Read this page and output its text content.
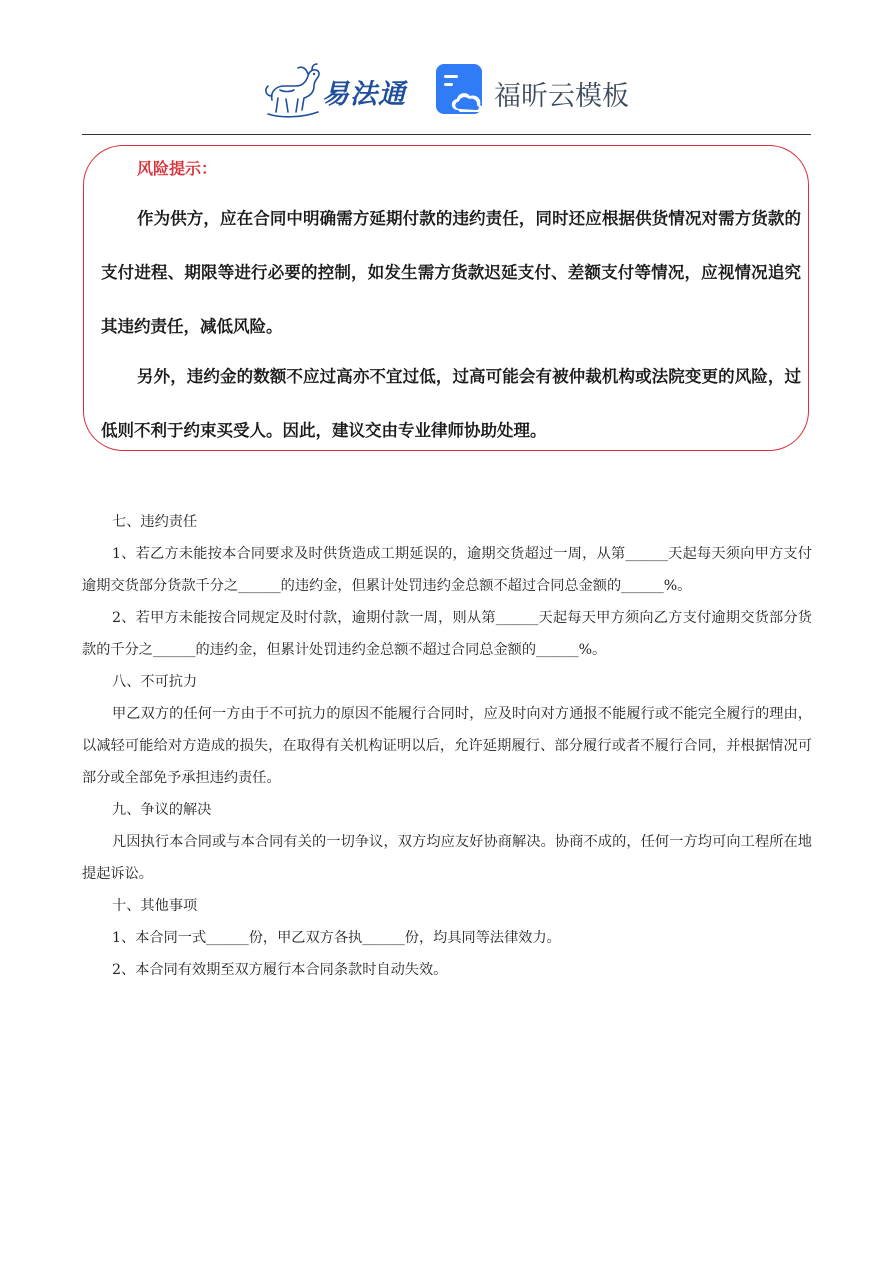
易法通	福昕云模板
风险提示：
作为供方，应在合同中明确需方延期付款的违约责任，同时还应根据供货情况对需方货款的支付进程、期限等进行必要的控制，如发生需方货款迟延支付、差额支付等情况，应视情况追究其违约责任，减低风险。
另外，违约金的数额不应过高亦不宜过低，过高可能会有被仲裁机构或法院变更的风险，过低则不利于约束买受人。因此，建议交由专业律师协助处理。

七、违约责任

1、若乙方未能按本合同要求及时供货造成工期延误的，逾期交货超过一周，从第______天起每天须向甲方支付逾期交货部分货款千分之______的违约金，但累计处罚违约金总额不超过合同总金额的______%。

2、若甲方未能按合同规定及时付款，逾期付款一周，则从第______天起每天甲方须向乙方支付逾期交货部分货款的千分之______的违约金，但累计处罚违约金总额不超过合同总金额的______%。

八、不可抗力

甲乙双方的任何一方由于不可抗力的原因不能履行合同时，应及时向对方通报不能履行或不能完全履行的理由，以减轻可能给对方造成的损失，在取得有关机构证明以后，允许延期履行、部分履行或者不履行合同，并根据情况可部分或全部免予承担违约责任。

九、争议的解决

凡因执行本合同或与本合同有关的一切争议，双方均应友好协商解决。协商不成的，任何一方均可向工程所在地提起诉讼。

十、其他事项

1、本合同一式______份，甲乙双方各执______份，均具同等法律效力。

2、本合同有效期至双方履行本合同条款时自动失效。
